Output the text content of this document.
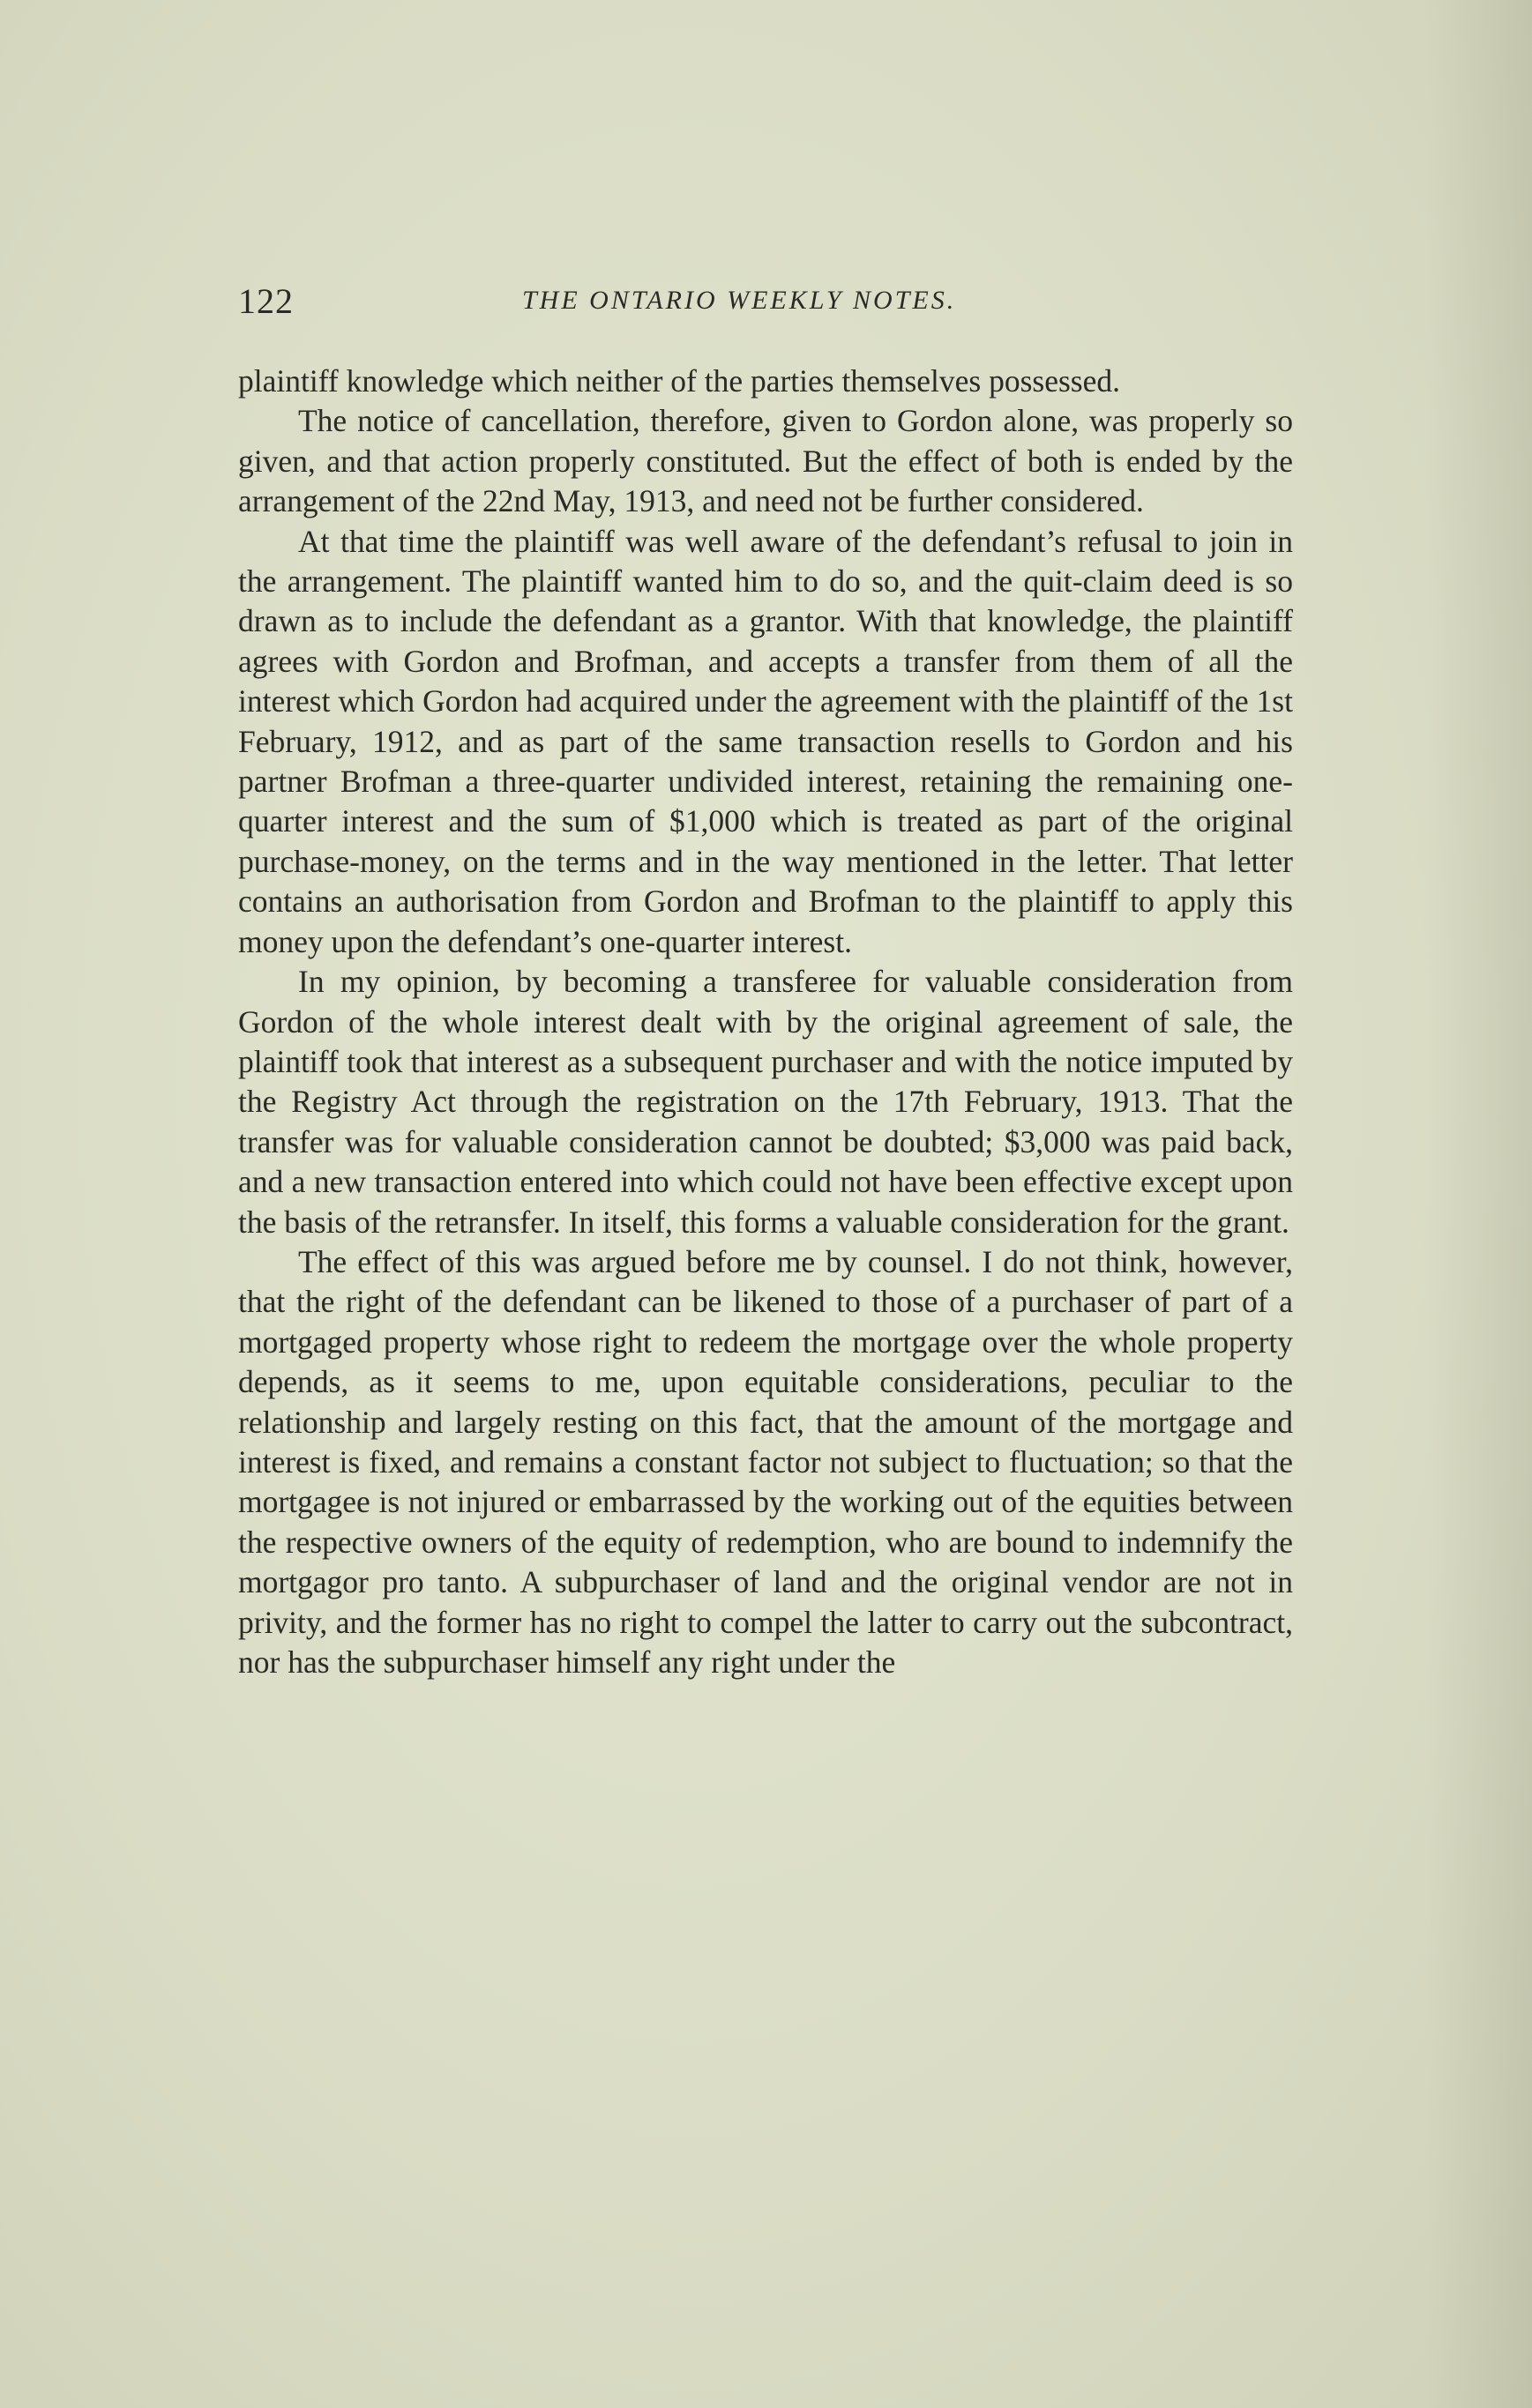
122	THE ONTARIO WEEKLY NOTES.

plaintiff knowledge which neither of the parties themselves possessed.

The notice of cancellation, therefore, given to Gordon alone, was properly so given, and that action properly constituted. But the effect of both is ended by the arrangement of the 22nd May, 1913, and need not be further considered.

At that time the plaintiff was well aware of the defendant’s refusal to join in the arrangement. The plaintiff wanted him to do so, and the quit-claim deed is so drawn as to include the defendant as a grantor. With that knowledge, the plaintiff agrees with Gordon and Brofman, and accepts a transfer from them of all the interest which Gordon had acquired under the agreement with the plaintiff of the 1st February, 1912, and as part of the same transaction resells to Gordon and his partner Brofman a three-quarter undivided interest, retaining the remaining one-quarter interest and the sum of $1,000 which is treated as part of the original purchase-money, on the terms and in the way mentioned in the letter. That letter contains an authorisation from Gordon and Brofman to the plaintiff to apply this money upon the defendant’s one-quarter interest.

In my opinion, by becoming a transferee for valuable consideration from Gordon of the whole interest dealt with by the original agreement of sale, the plaintiff took that interest as a subsequent purchaser and with the notice imputed by the Registry Act through the registration on the 17th February, 1913. That the transfer was for valuable consideration cannot be doubted; $3,000 was paid back, and a new transaction entered into which could not have been effective except upon the basis of the retransfer. In itself, this forms a valuable consideration for the grant.

The effect of this was argued before me by counsel. I do not think, however, that the right of the defendant can be likened to those of a purchaser of part of a mortgaged property whose right to redeem the mortgage over the whole property depends, as it seems to me, upon equitable considerations, peculiar to the relationship and largely resting on this fact, that the amount of the mortgage and interest is fixed, and remains a constant factor not subject to fluctuation; so that the mortgagee is not injured or embarrassed by the working out of the equities between the respective owners of the equity of redemption, who are bound to indemnify the mortgagor pro tanto. A subpurchaser of land and the original vendor are not in privity, and the former has no right to compel the latter to carry out the subcontract, nor has the subpurchaser himself any right under the
